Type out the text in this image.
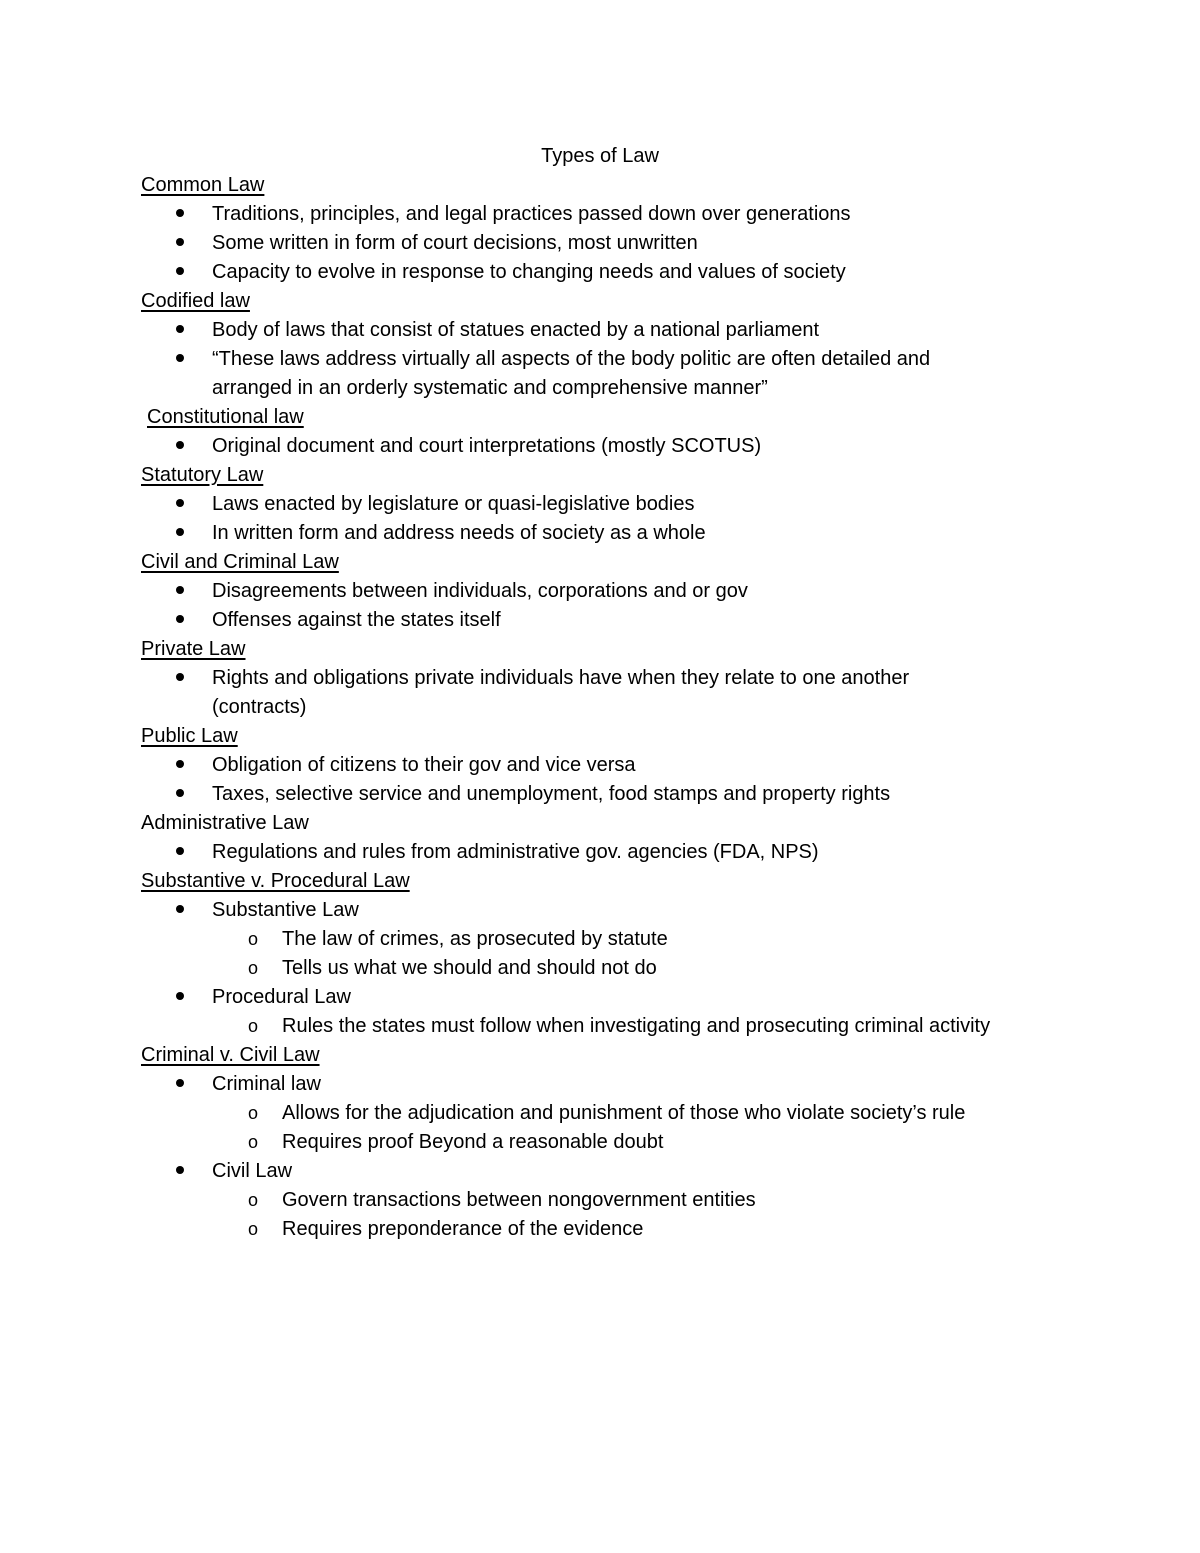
Types of Law
Common Law
Traditions, principles, and legal practices passed down over generations
Some written in form of court decisions, most unwritten
Capacity to evolve in response to changing needs and values of society
Codified law
Body of laws that consist of statues enacted by a national parliament
“These laws address virtually all aspects of the body politic are often detailed and
arranged in an orderly systematic and comprehensive manner”
Constitutional law
Original document and court interpretations (mostly SCOTUS)
Statutory Law
Laws enacted by legislature or quasi-legislative bodies
In written form and address needs of society as a whole
Civil and Criminal Law
Disagreements between individuals, corporations and or gov
Offenses against the states itself
Private Law
Rights and obligations private individuals have when they relate to one another
(contracts)
Public Law
Obligation of citizens to their gov and vice versa
Taxes, selective service and unemployment, food stamps and property rights
Administrative Law
Regulations and rules from administrative gov. agencies (FDA, NPS)
Substantive v. Procedural Law
Substantive Law
o The law of crimes, as prosecuted by statute
o Tells us what we should and should not do
Procedural Law
o Rules the states must follow when investigating and prosecuting criminal activity
Criminal v. Civil Law
Criminal law
o Allows for the adjudication and punishment of those who violate society’s rule
o Requires proof Beyond a reasonable doubt
Civil Law
o Govern transactions between nongovernment entities
o Requires preponderance of the evidence
